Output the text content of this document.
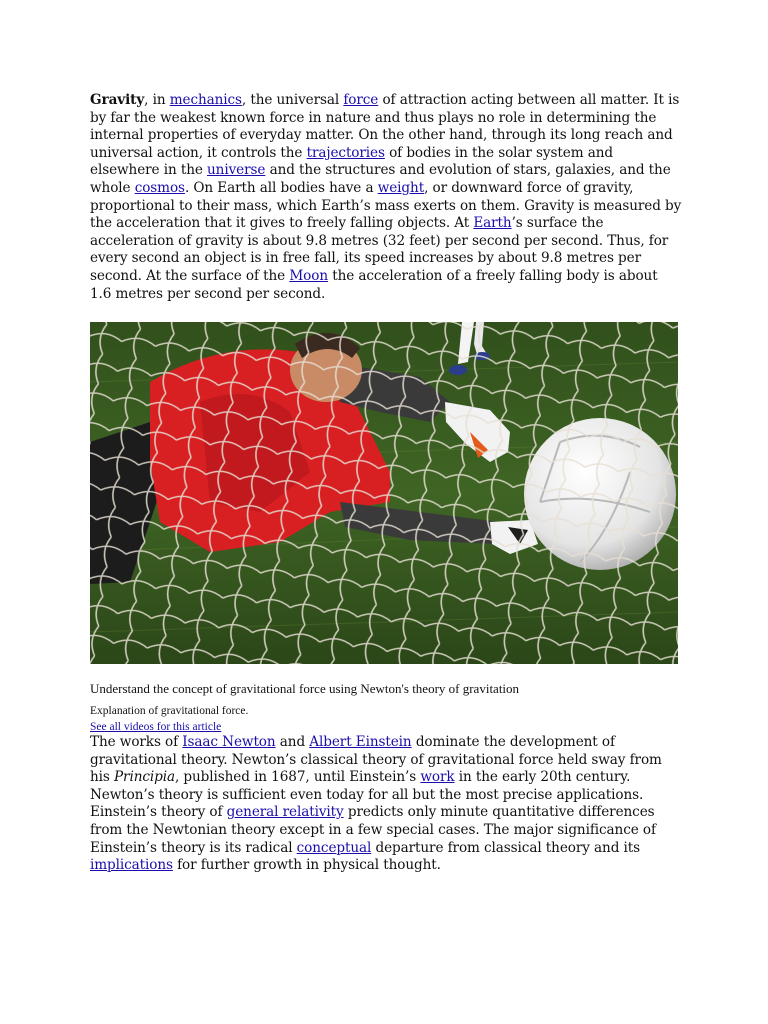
Gravity, in mechanics, the universal force of attraction acting between all matter. It is by far the weakest known force in nature and thus plays no role in determining the internal properties of everyday matter. On the other hand, through its long reach and universal action, it controls the trajectories of bodies in the solar system and elsewhere in the universe and the structures and evolution of stars, galaxies, and the whole cosmos. On Earth all bodies have a weight, or downward force of gravity, proportional to their mass, which Earth’s mass exerts on them. Gravity is measured by the acceleration that it gives to freely falling objects. At Earth’s surface the acceleration of gravity is about 9.8 metres (32 feet) per second per second. Thus, for every second an object is in free fall, its speed increases by about 9.8 metres per second. At the surface of the Moon the acceleration of a freely falling body is about 1.6 metres per second per second.

Understand the concept of gravitational force using Newton's theory of gravitation
Explanation of gravitational force.
See all videos for this article

The works of Isaac Newton and Albert Einstein dominate the development of gravitational theory. Newton’s classical theory of gravitational force held sway from his Principia, published in 1687, until Einstein’s work in the early 20th century. Newton’s theory is sufficient even today for all but the most precise applications. Einstein’s theory of general relativity predicts only minute quantitative differences from the Newtonian theory except in a few special cases. The major significance of Einstein’s theory is its radical conceptual departure from classical theory and its implications for further growth in physical thought.
